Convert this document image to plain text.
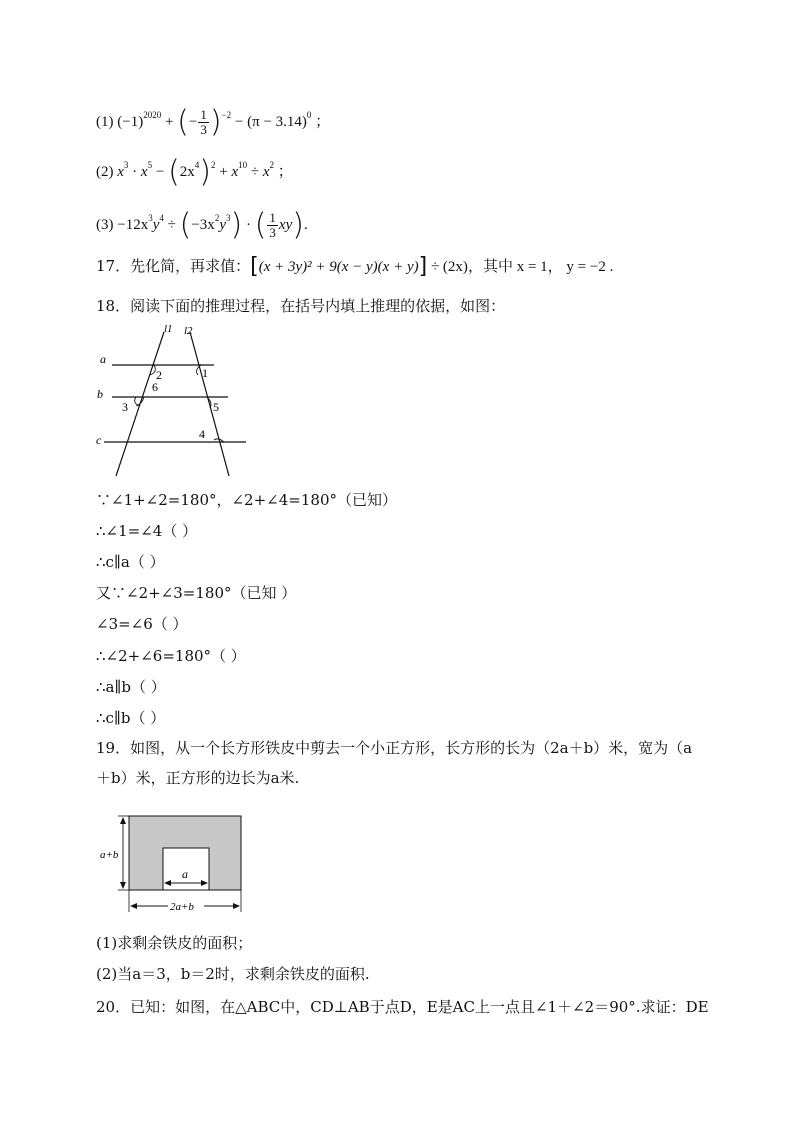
(1) $(-1)^{2020}$ + (− $\frac{1}{3} )^{-2} - (\pi - 3.14)^0$ ；
(2) $x^3 \cdot x^5 - (2x^4)^2 + x^{10} \div x^2$ ；
$(3) -12x^3y^4 \div (-3x^2y^3)$ · ( $\frac{1}{3} xy$).
17．先化简，再求值：[(x + 3y)² + 9(x − y)(x + y)] ÷ (2x)，其中 x = 1， y = −2 .
18．阅读下面的推理过程，在括号内填上推理的依据，如图：
l1 l2
a
b
c
1
2
3
4
5
6
∵∠1+∠2=180°，∠2+∠4=180°（已知）
∴∠1=∠4（ ）
∴c∥a（ ）
又∵∠2+∠3=180°（已知 ）
∠3=∠6（ ）
∴∠2+∠6=180°（ ）
∴a∥b（ ）
∴c∥b（ ）
19．如图，从一个长方形铁皮中剪去一个小正方形，长方形的长为（2a＋b）米，宽为（a＋b）米，正方形的边长为a米.
a+b
a
2a+b
(1)求剩余铁皮的面积；
(2)当a＝3，b＝2时，求剩余铁皮的面积.
20．已知：如图，在△ABC中，CD⊥AB于点D，E是AC上一点且∠1＋∠2＝90°.求证：DE
